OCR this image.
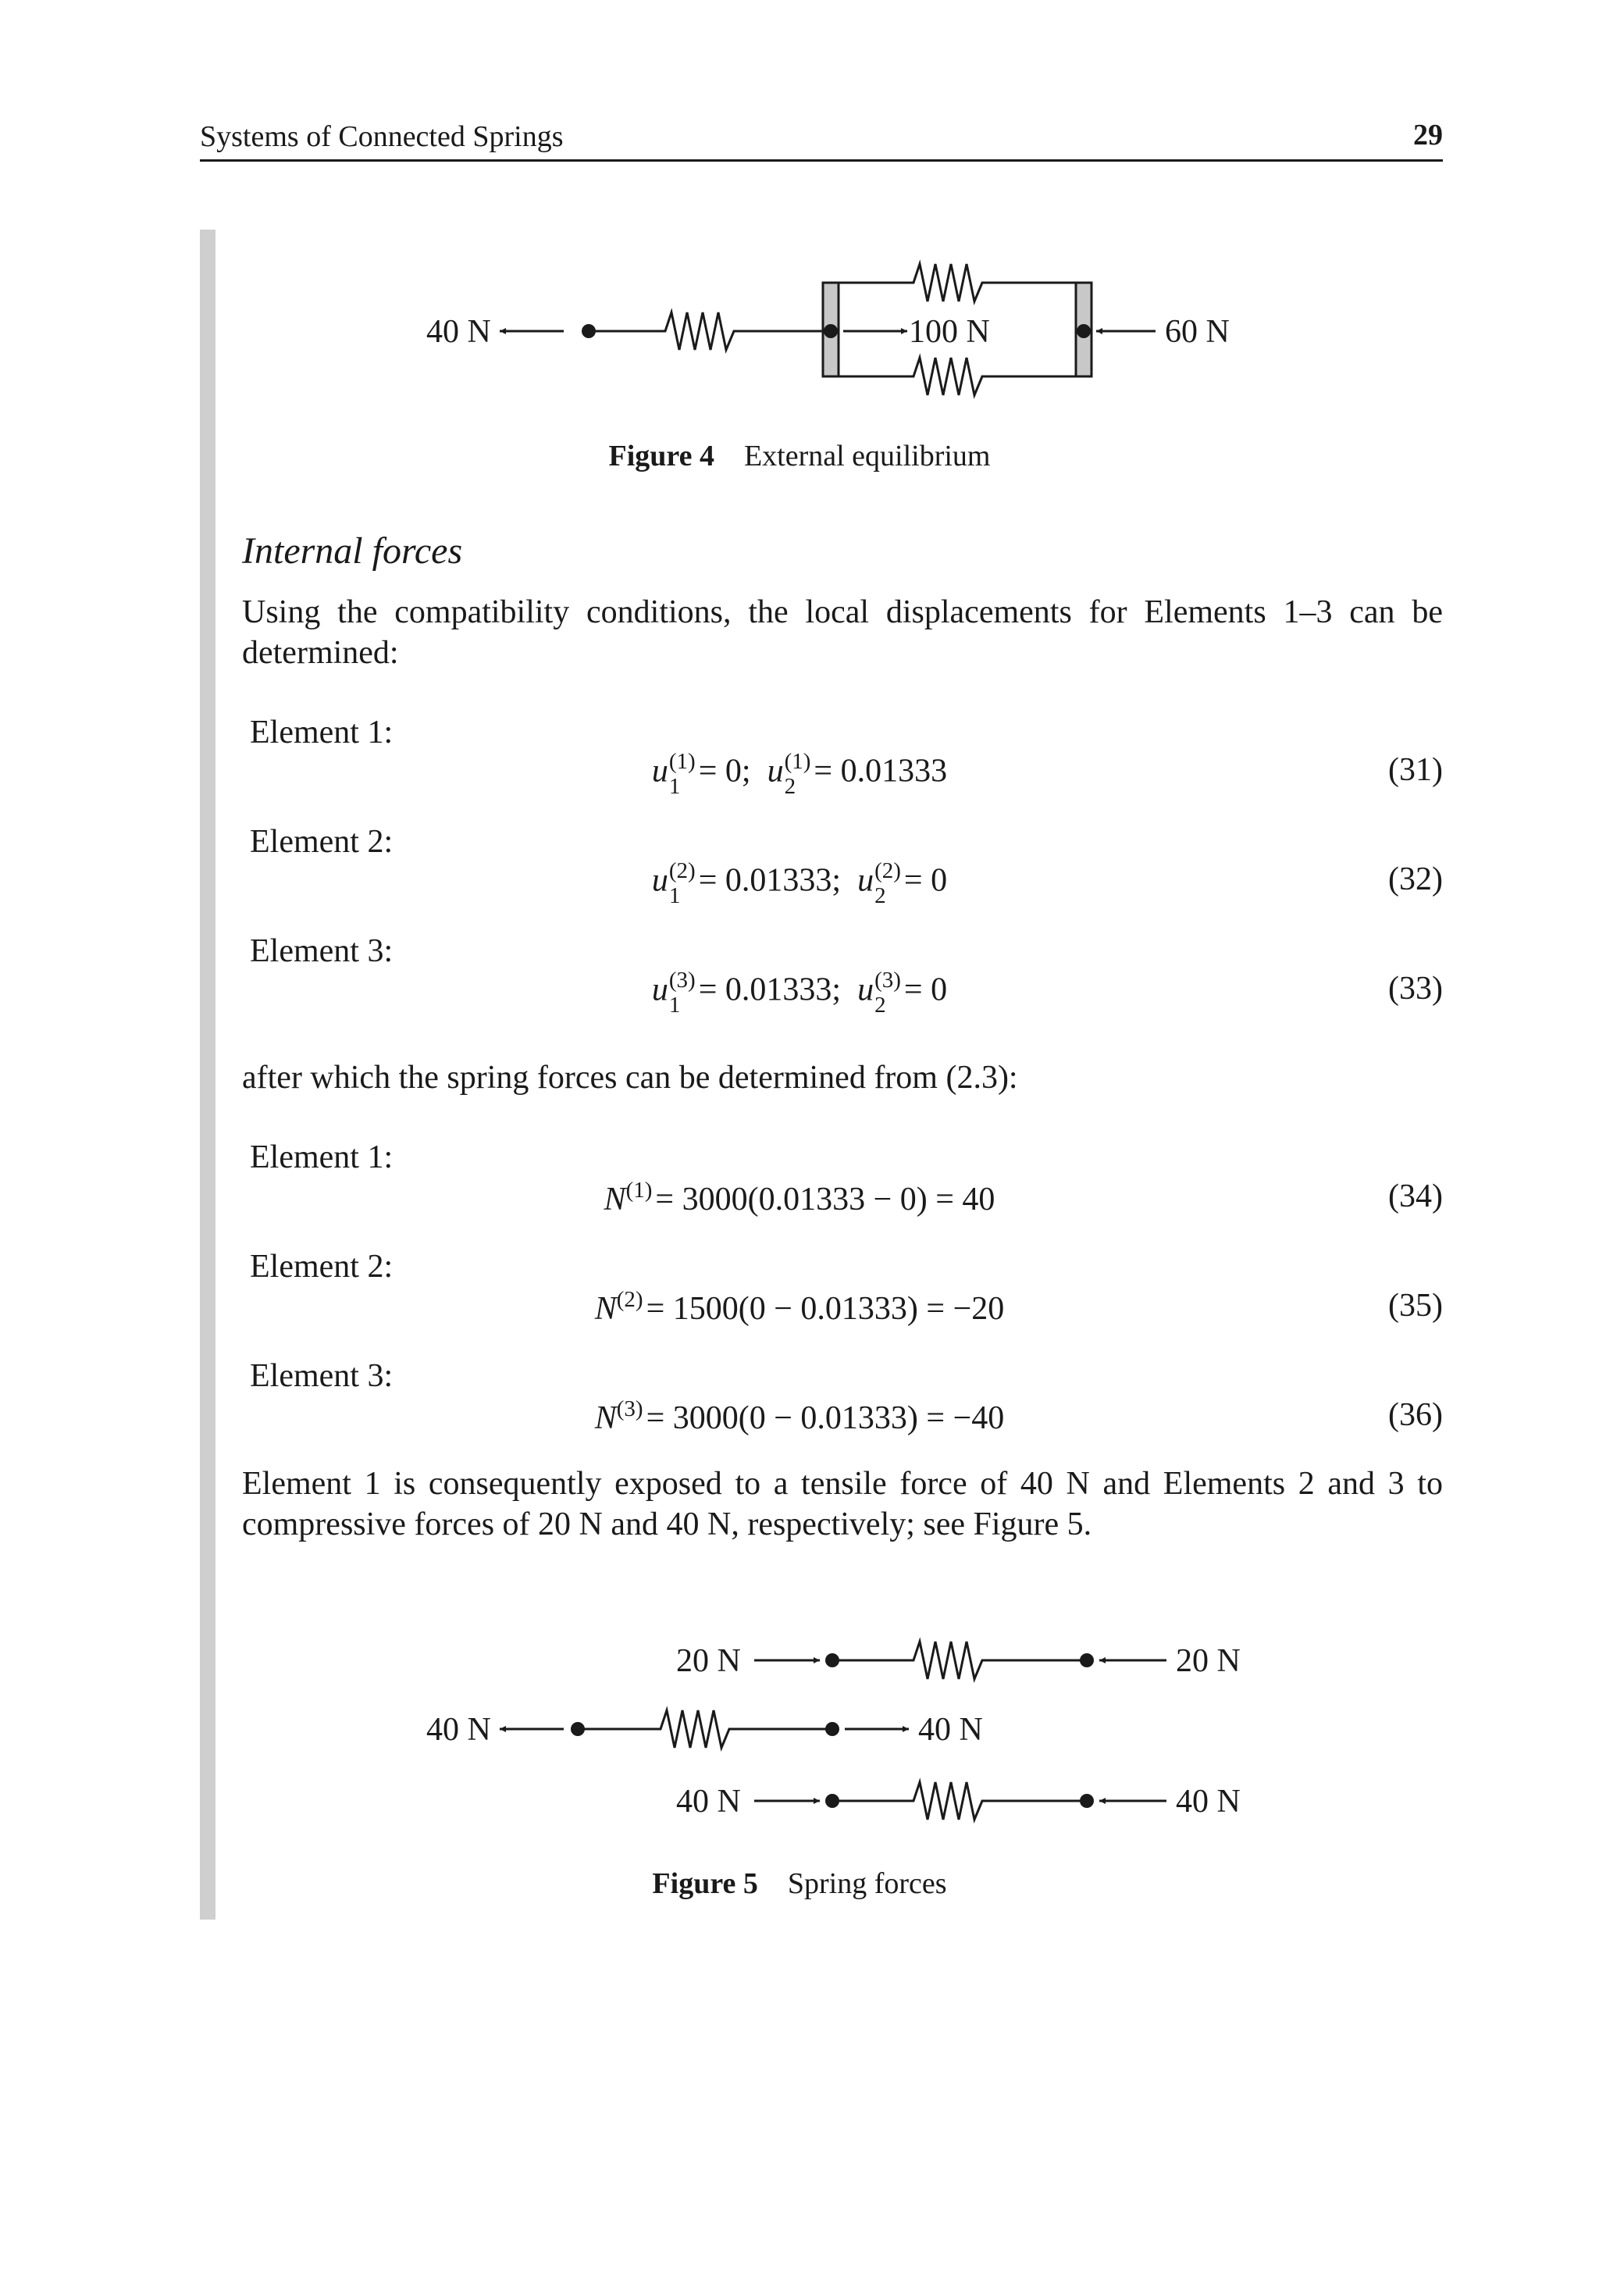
Systems of Connected Springs	29
40 N	100 N	60 N
Figure 4 External equilibrium
Internal forces
Using the compatibility conditions, the local displacements for Elements 1–3 can be determined:
Element 1:
u (1)
1 = 0; u (1)
2 = 0.01333	(31)
Element 2:
u (2)
1 = 0.01333; u (2)
2 = 0	(32)
Element 3:
u (3)
1 = 0.01333; u (3)
2 = 0	(33)
after which the spring forces can be determined from (2.3):
Element 1:
$N^{(1)}= 3000(0.01333 - 0) = 40$	(34)
Element 2:
$N^{(2)}= 1500(0 - 0.01333) = -20$	(35)
Element 3:
$N^{(3)}= 3000(0 - 0.01333) = -40$	(36)
Element 1 is consequently exposed to a tensile force of 40 N and Elements 2 and 3 to compressive forces of 20 N and 40 N, respectively; see Figure 5.
20 N	20 N
40 N	40 N
40 N	40 N
Figure 5 Spring forces
